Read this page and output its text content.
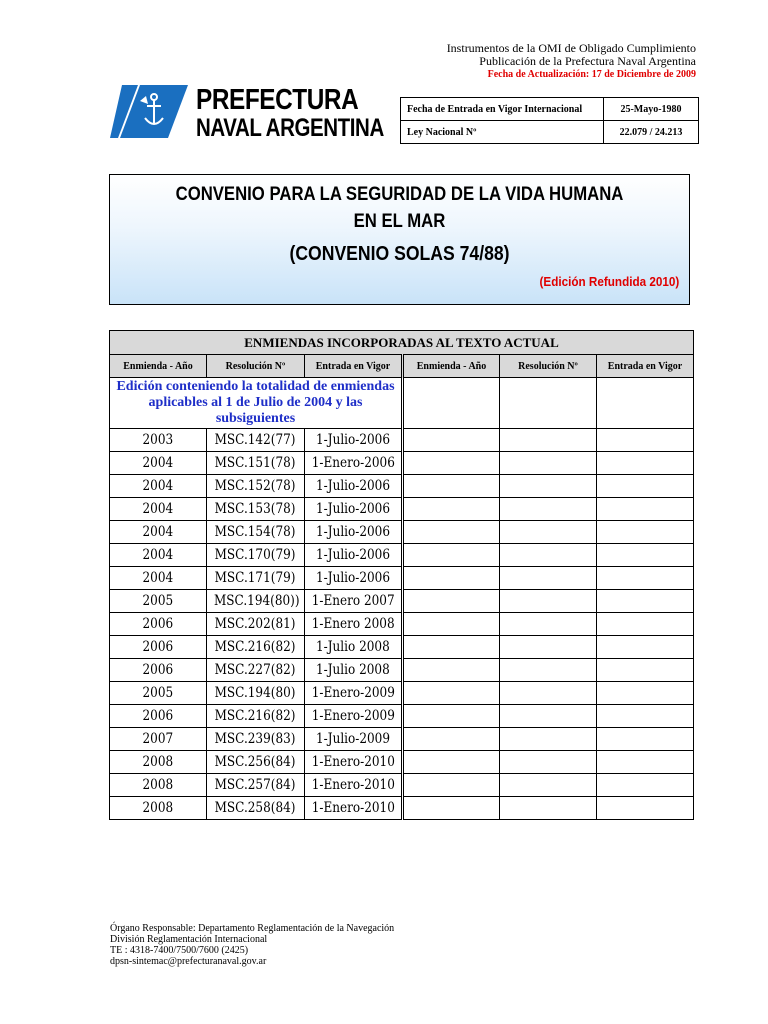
Instrumentos de la OMI de Obligado Cumplimiento
Publicación de la Prefectura Naval Argentina
Fecha de Actualización: 17 de Diciembre de 2009
PREFECTURA
NAVAL ARGENTINA
Fecha de Entrada en Vigor Internacional	25-Mayo-1980
Ley Nacional Nº	22.079 / 24.213
CONVENIO PARA LA SEGURIDAD DE LA VIDA HUMANA
EN EL MAR
(CONVENIO SOLAS 74/88)
(Edición Refundida 2010)
ENMIENDAS INCORPORADAS AL TEXTO ACTUAL					
Enmienda - Año	Resolución Nº	Entrada en Vigor	Enmienda - Año	Resolución Nº	Entrada en Vigor
Edición conteniendo la totalidad de enmiendas aplicables al 1 de Julio de 2004 y las subsiguientes					
2003	MSC.142(77)	1-Julio-2006			
2004	MSC.151(78)	1-Enero-2006			
2004	MSC.152(78)	1-Julio-2006			
2004	MSC.153(78)	1-Julio-2006			
2004	MSC.154(78)	1-Julio-2006			
2004	MSC.170(79)	1-Julio-2006			
2004	MSC.171(79)	1-Julio-2006			
2005	MSC.194(80))	1-Enero 2007			
2006	MSC.202(81)	1-Enero 2008			
2006	MSC.216(82)	1-Julio 2008			
2006	MSC.227(82)	1-Julio 2008			
2005	MSC.194(80)	1-Enero-2009			
2006	MSC.216(82)	1-Enero-2009			
2007	MSC.239(83)	1-Julio-2009			
2008	MSC.256(84)	1-Enero-2010			
2008	MSC.257(84)	1-Enero-2010			
2008	MSC.258(84)	1-Enero-2010			
Órgano Responsable: Departamento Reglamentación de la Navegación
División Reglamentación Internacional
TE : 4318-7400/7500/7600 (2425)
dpsn-sintemac@prefecturanaval.gov.ar
